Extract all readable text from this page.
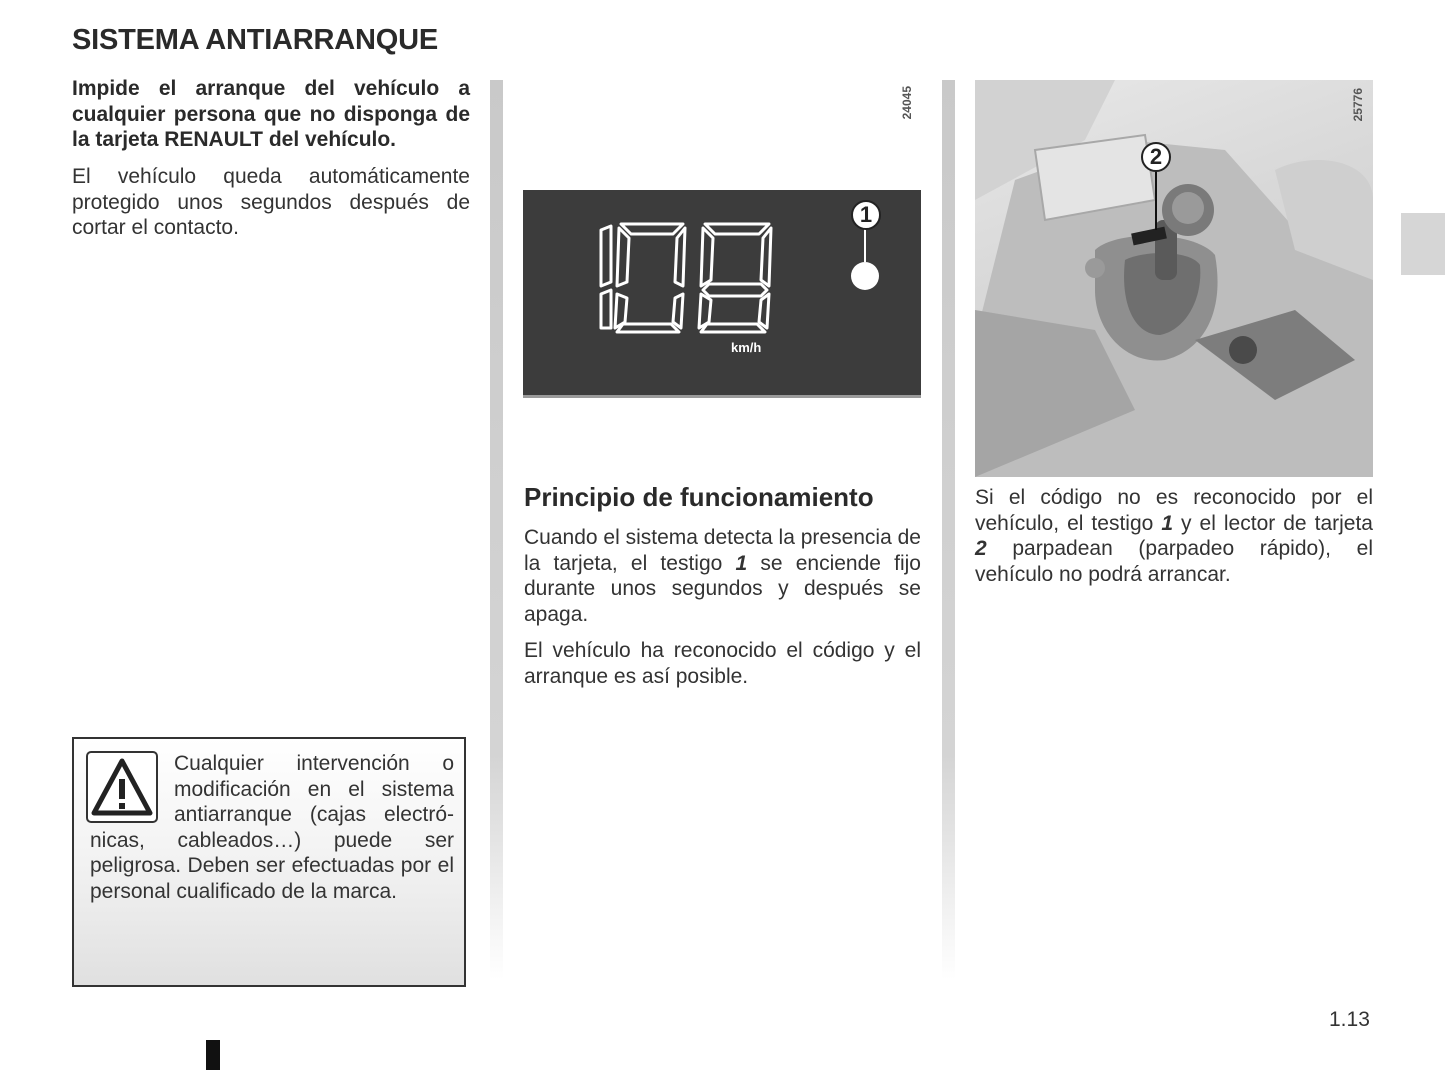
SISTEMA ANTIARRANQUE

Impide el arranque del vehículo a cualquier persona que no disponga de la tarjeta RENAULT del vehículo.

El vehículo queda automáticamente protegido unos segundos después de cortar el contacto.

Cualquier intervención o modificación en el sistema antiarranque (cajas electrónicas, cableados…) puede ser peligrosa. Deben ser efectuadas por el personal cualificado de la marca.

24045
km/h
1
Principio de funcionamiento

Cuando el sistema detecta la presencia de la tarjeta, el testigo 1 se enciende fijo durante unos segundos y después se apaga.

El vehículo ha reconocido el código y el arranque es así posible.

2
25776

Si el código no es reconocido por el vehículo, el testigo 1 y el lector de tarjeta 2 parpadean (parpadeo rápido), el vehículo no podrá arrancar.

1.13
